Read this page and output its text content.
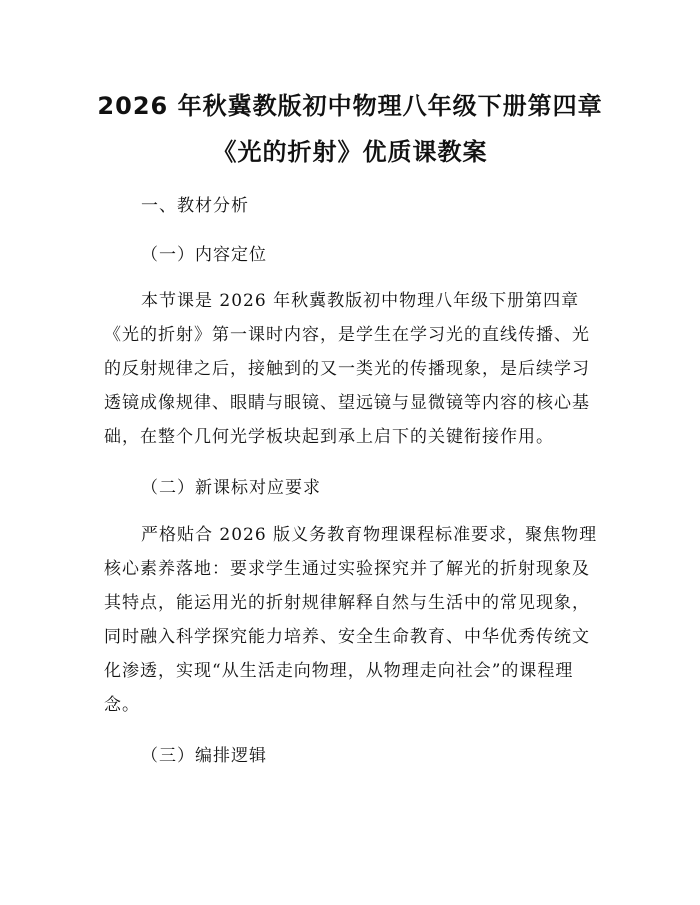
2026 年秋冀教版初中物理八年级下册第四章
《光的折射》优质课教案
一、教材分析
（一）内容定位
本节课是 2026 年秋冀教版初中物理八年级下册第四章
《光的折射》第一课时内容，是学生在学习光的直线传播、光
的反射规律之后，接触到的又一类光的传播现象，是后续学习
透镜成像规律、眼睛与眼镜、望远镜与显微镜等内容的核心基
础，在整个几何光学板块起到承上启下的关键衔接作用。
（二）新课标对应要求
严格贴合 2026 版义务教育物理课程标准要求，聚焦物理
核心素养落地：要求学生通过实验探究并了解光的折射现象及
其特点，能运用光的折射规律解释自然与生活中的常见现象，
同时融入科学探究能力培养、安全生命教育、中华优秀传统文
化渗透，实现“从生活走向物理，从物理走向社会”的课程理
念。
（三）编排逻辑
